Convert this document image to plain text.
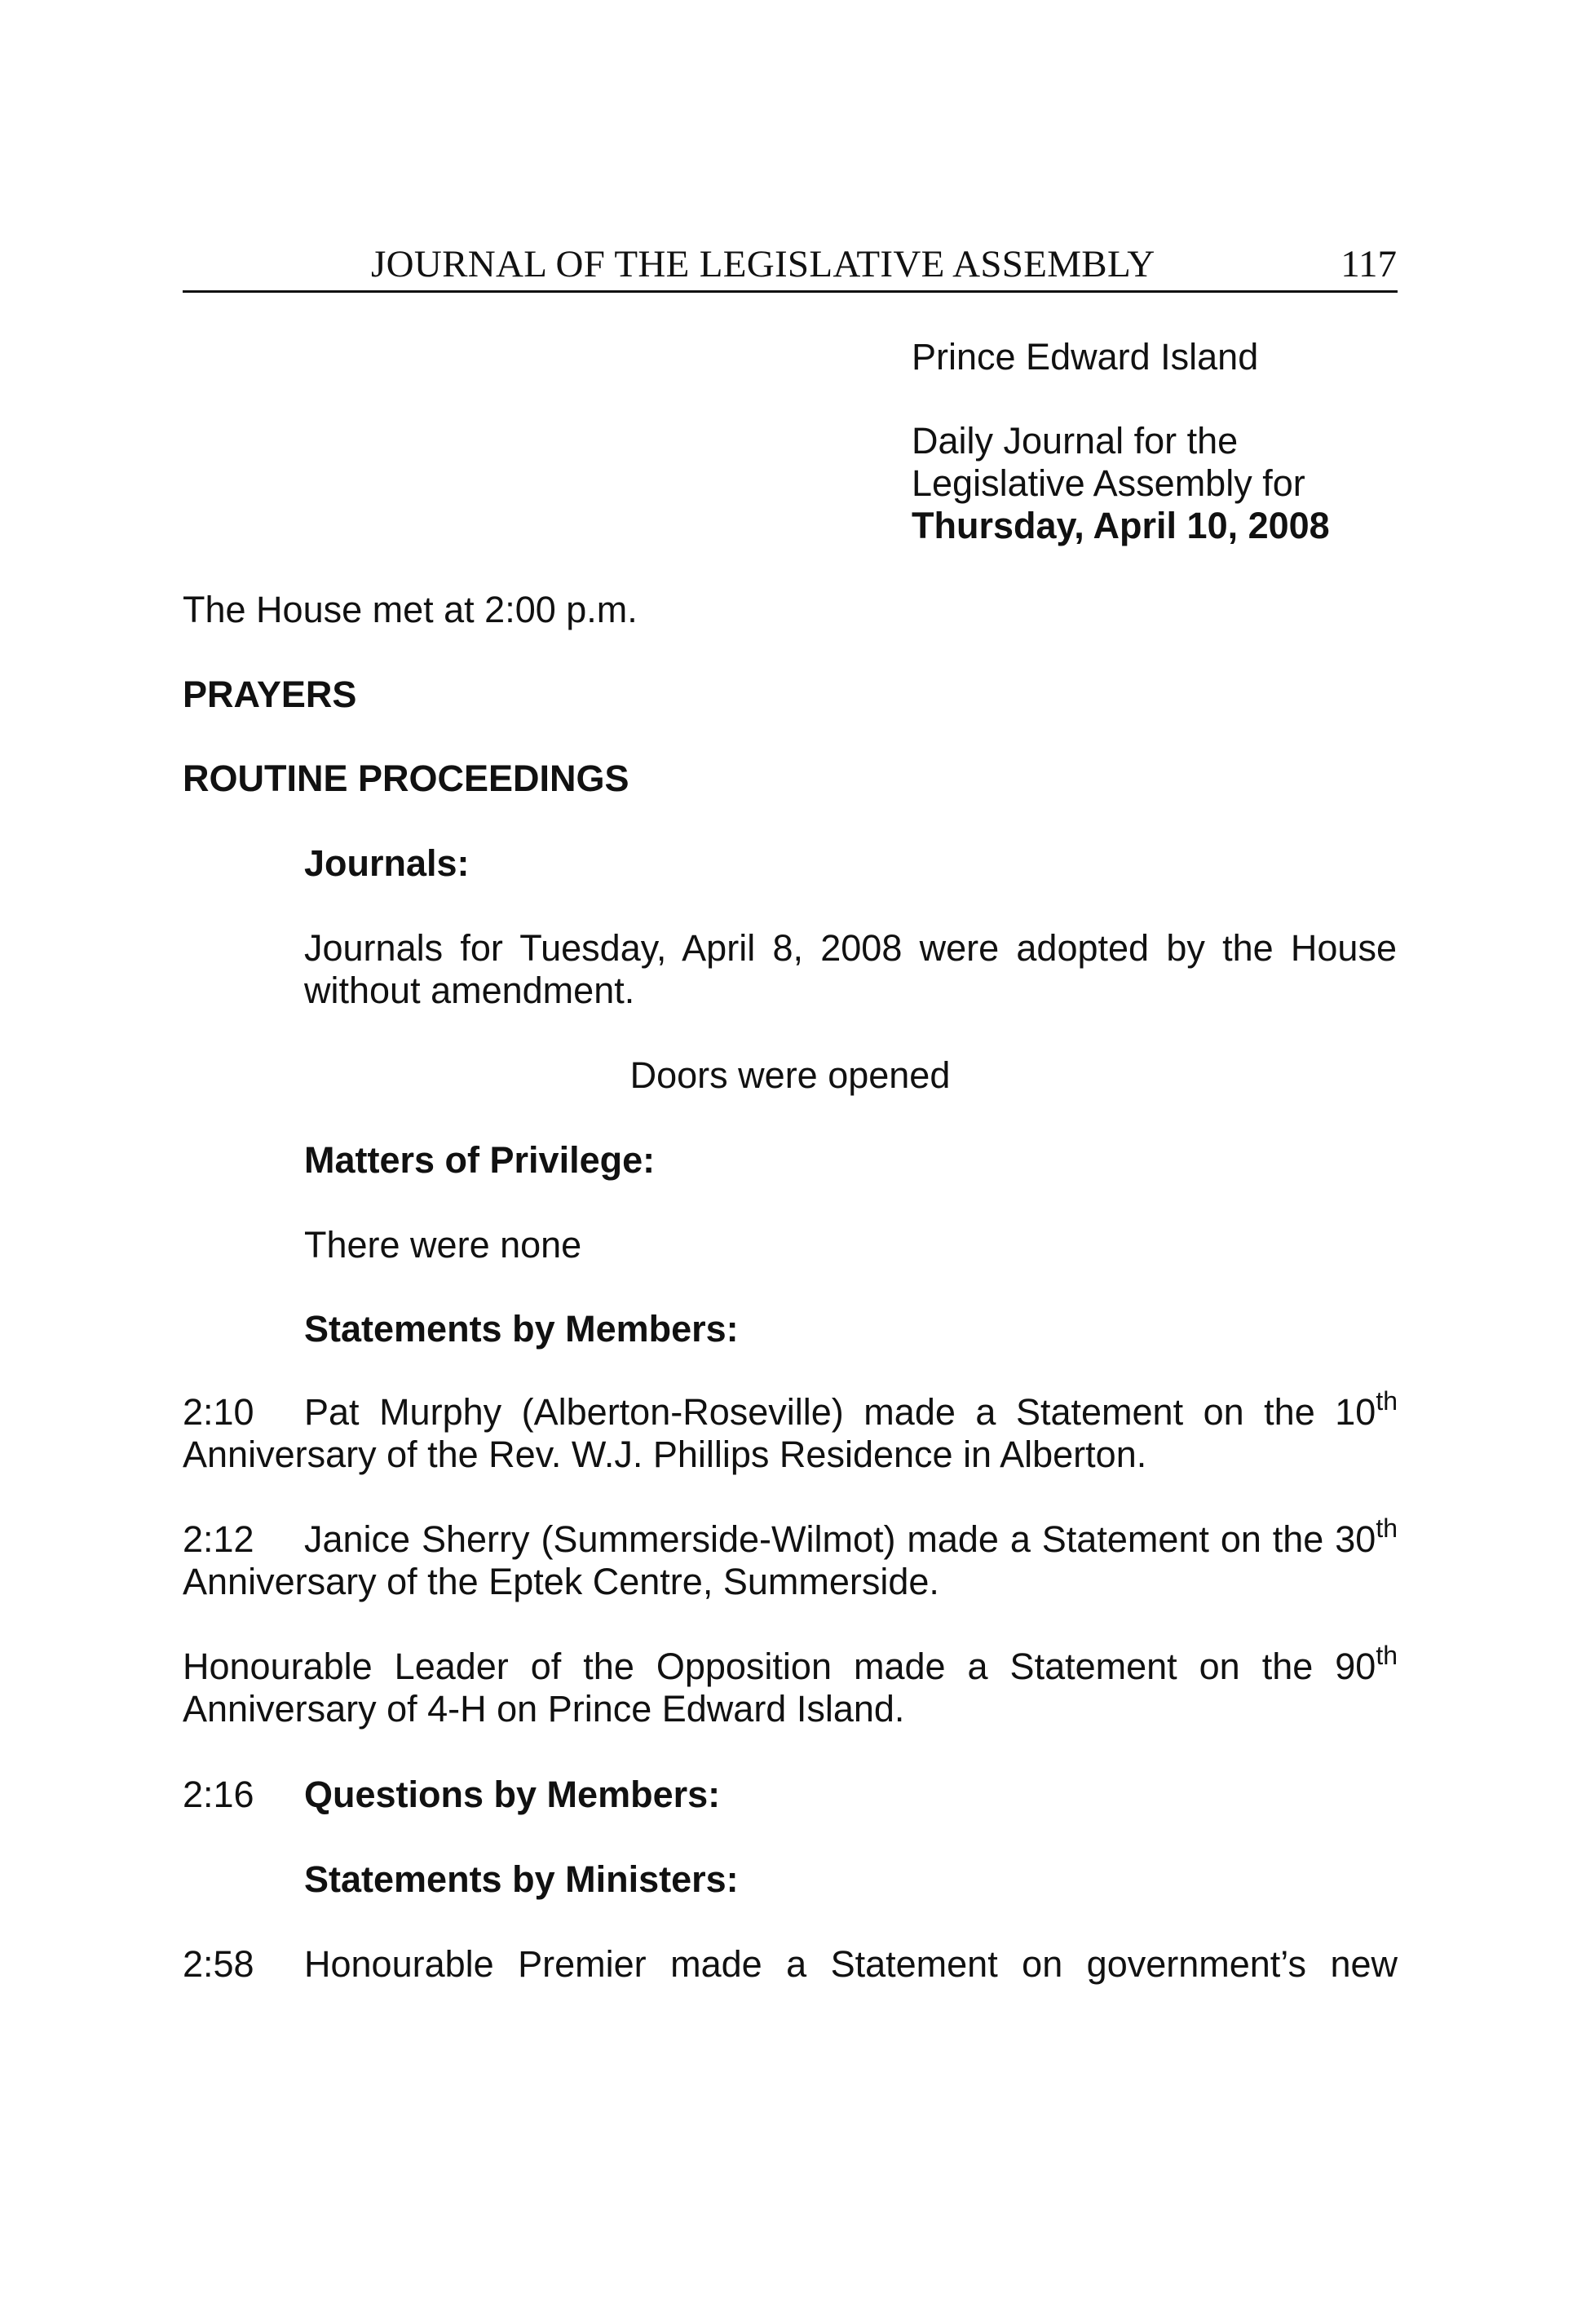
JOURNAL OF THE LEGISLATIVE ASSEMBLY	117
Prince Edward Island
Daily Journal for the
Legislative Assembly for
Thursday, April 10, 2008
The House met at 2:00 p.m.
PRAYERS
ROUTINE PROCEEDINGS
Journals:
Journals for Tuesday, April 8, 2008 were adopted by the House without amendment.
Doors were opened
Matters of Privilege:
There were none
Statements by Members:
2:10 Pat Murphy (Alberton-Roseville) made a Statement on the 10th Anniversary of the Rev. W.J. Phillips Residence in Alberton.
2:12 Janice Sherry (Summerside-Wilmot) made a Statement on the 30th Anniversary of the Eptek Centre, Summerside.
Honourable Leader of the Opposition made a Statement on the 90th Anniversary of 4-H on Prince Edward Island.
2:16 Questions by Members:
Statements by Ministers:
2:58 Honourable Premier made a Statement on government’s new
